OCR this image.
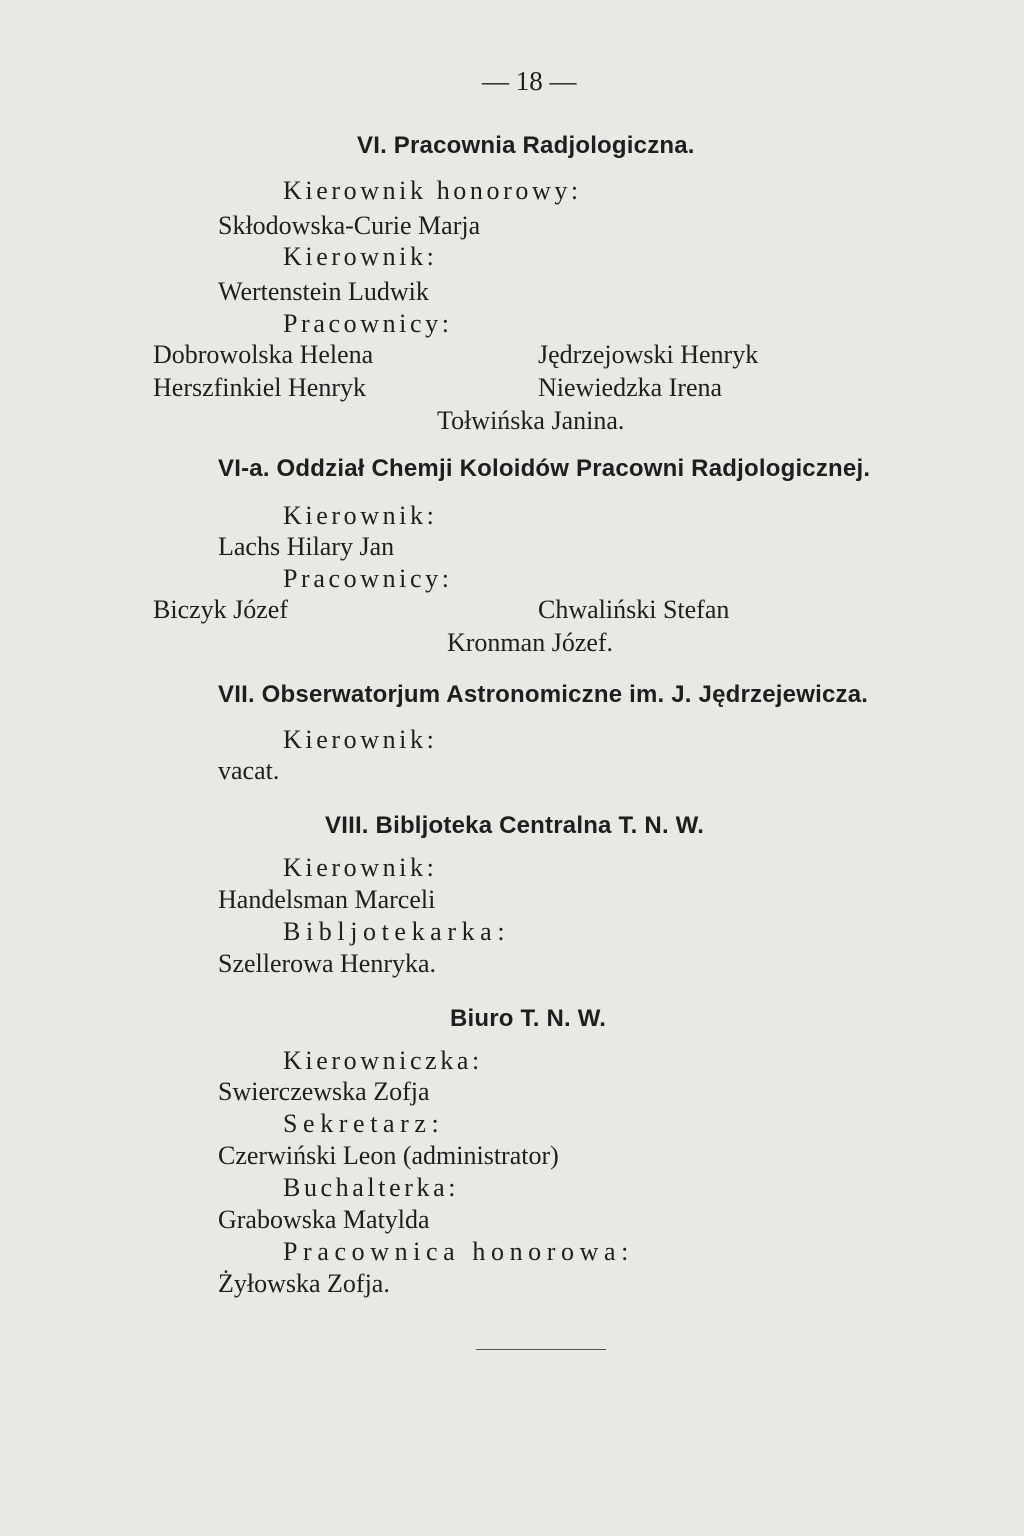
— 18 —
VI. Pracownia Radjologiczna.
Kierownik honorowy:
Skłodowska-Curie Marja
Kierownik:
Wertenstein Ludwik
Pracownicy:
Dobrowolska Helena
Herszfinkiel Henryk
Jędrzejowski Henryk
Niewiedzka Irena
Tołwińska Janina.
VI-a. Oddział Chemji Koloidów Pracowni Radjologicznej.
Kierownik:
Lachs Hilary Jan
Pracownicy:
Biczyk Józef	Chwaliński Stefan
Kronman Józef.
VII. Obserwatorjum Astronomiczne im. J. Jędrzejewicza.
Kierownik:
vacat.
VIII. Bibljoteka Centralna T. N. W.
Kierownik:
Handelsman Marceli
Bibljotekarka:
Szellerowa Henryka.
Biuro T. N. W.
Kierowniczka:
Swierczewska Zofja
Sekretarz:
Czerwiński Leon (administrator)
Buchalterka:
Grabowska Matylda
Pracownica honorowa:
Żyłowska Zofja.
